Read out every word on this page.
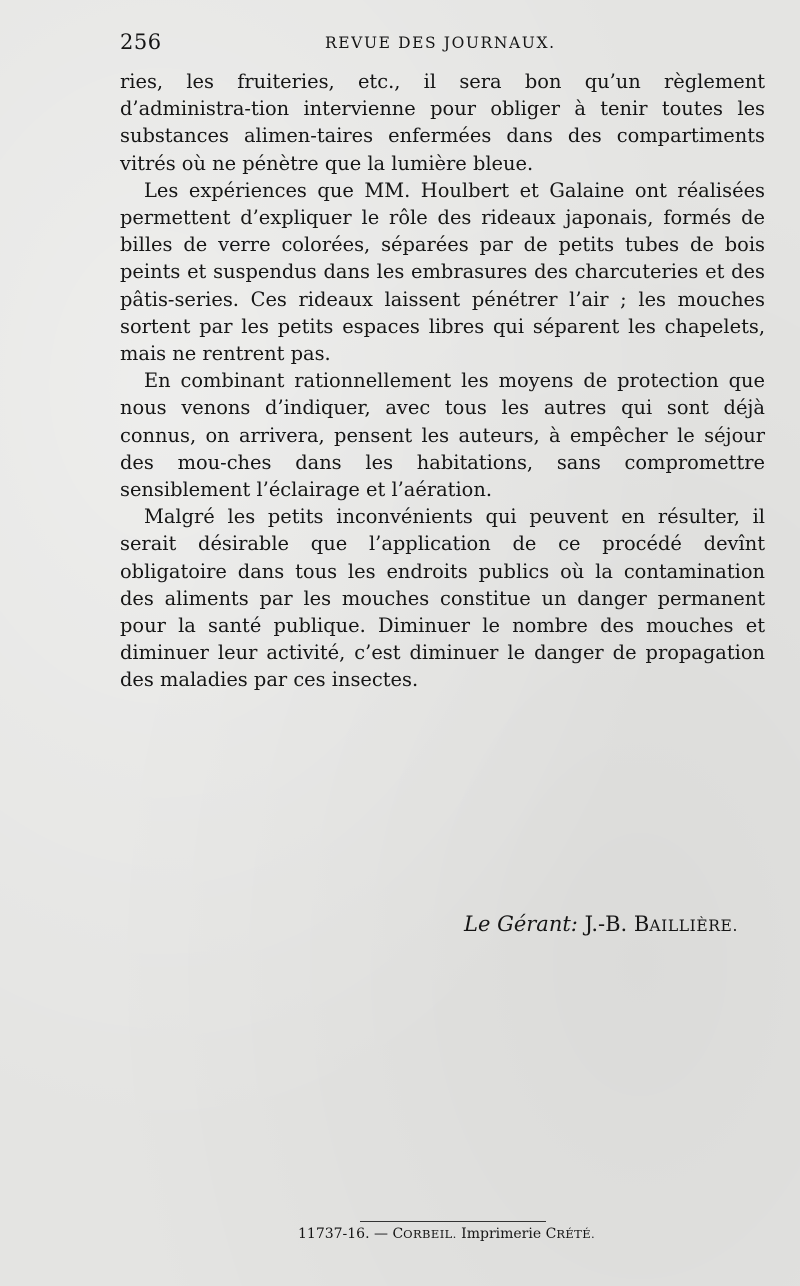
256	REVUE DES JOURNAUX.

ries, les fruiteries, etc., il sera bon qu’un règlement d’administra-tion intervienne pour obliger à tenir toutes les substances alimen-taires enfermées dans des compartiments vitrés où ne pénètre que la lumière bleue.

Les expériences que MM. Houlbert et Galaine ont réalisées permettent d’expliquer le rôle des rideaux japonais, formés de billes de verre colorées, séparées par de petits tubes de bois peints et suspendus dans les embrasures des charcuteries et des pâtis-series. Ces rideaux laissent pénétrer l’air ; les mouches sortent par les petits espaces libres qui séparent les chapelets, mais ne rentrent pas.

En combinant rationnellement les moyens de protection que nous venons d’indiquer, avec tous les autres qui sont déjà connus, on arrivera, pensent les auteurs, à empêcher le séjour des mou-ches dans les habitations, sans compromettre sensiblement l’éclairage et l’aération.

Malgré les petits inconvénients qui peuvent en résulter, il serait désirable que l’application de ce procédé devînt obligatoire dans tous les endroits publics où la contamination des aliments par les mouches constitue un danger permanent pour la santé publique. Diminuer le nombre des mouches et diminuer leur activité, c’est diminuer le danger de propagation des maladies par ces insectes.

Le Gérant: J.-B. BAILLIÈRE.
11737-16. — CORBEIL. Imprimerie CRÉTÉ.
